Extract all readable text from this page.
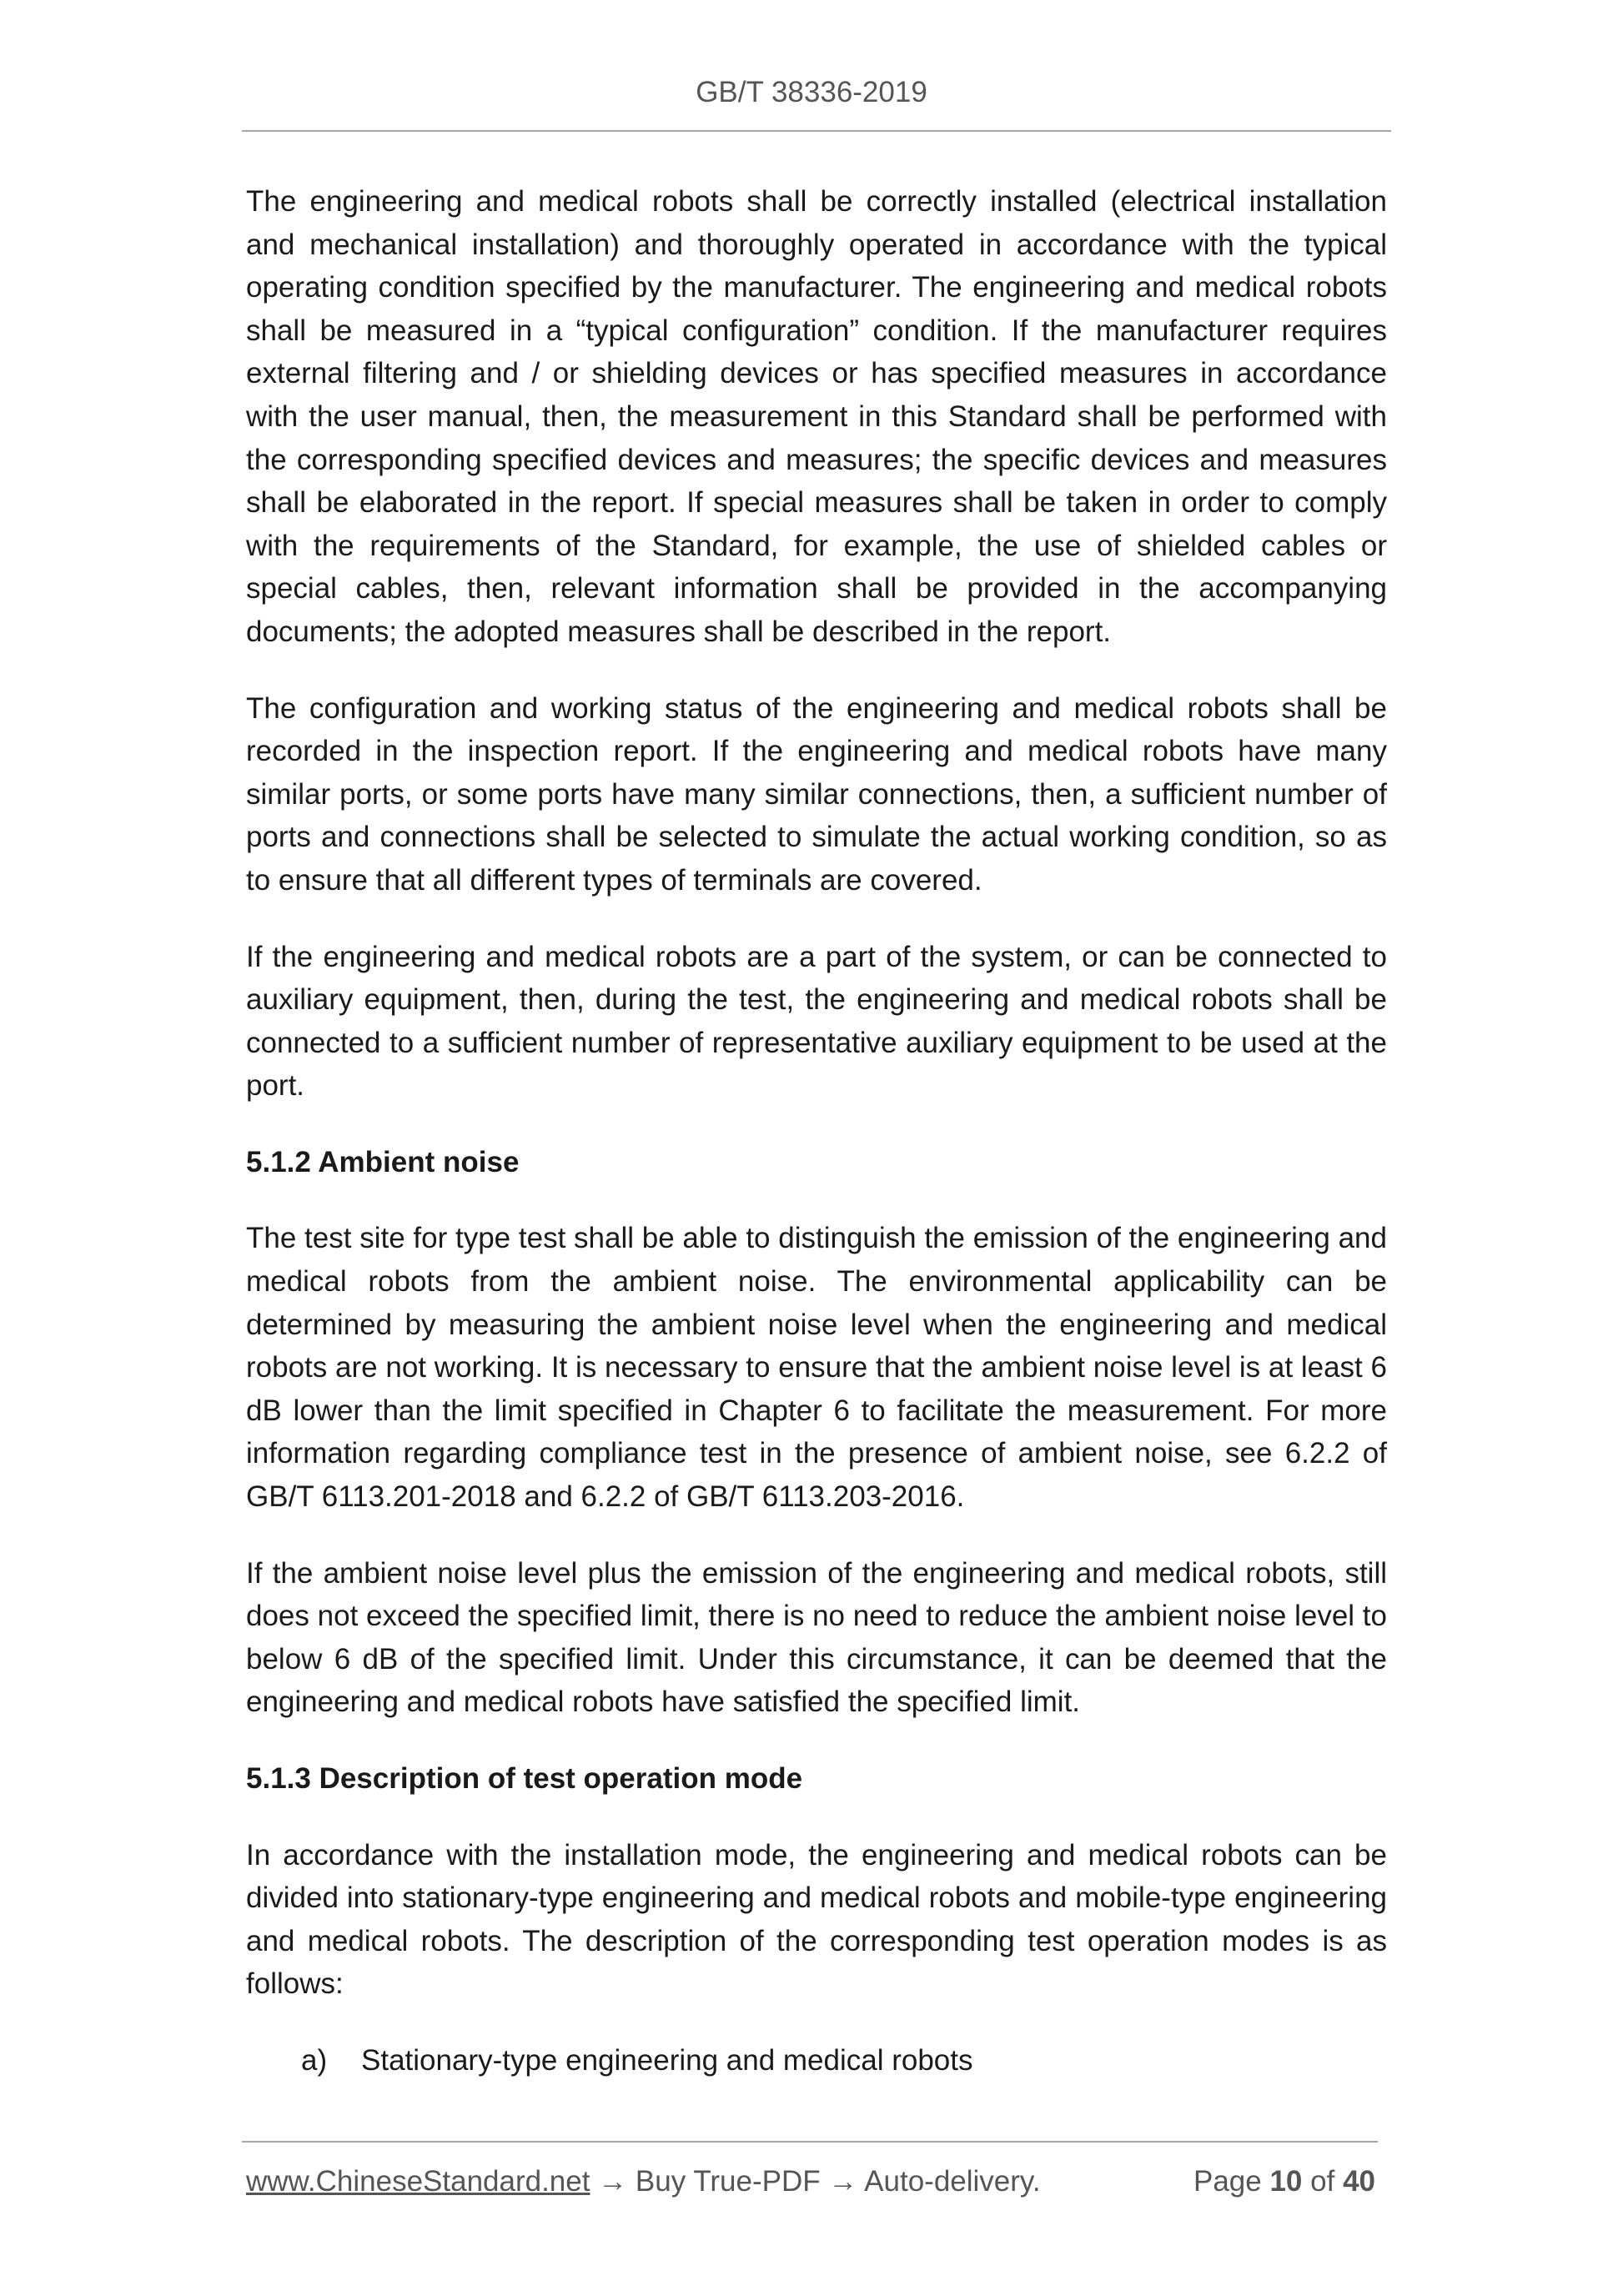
GB/T 38336-2019

The engineering and medical robots shall be correctly installed (electrical installation and mechanical installation) and thoroughly operated in accordance with the typical operating condition specified by the manufacturer. The engineering and medical robots shall be measured in a “typical configuration” condition. If the manufacturer requires external filtering and / or shielding devices or has specified measures in accordance with the user manual, then, the measurement in this Standard shall be performed with the corresponding specified devices and measures; the specific devices and measures shall be elaborated in the report. If special measures shall be taken in order to comply with the requirements of the Standard, for example, the use of shielded cables or special cables, then, relevant information shall be provided in the accompanying documents; the adopted measures shall be described in the report.

The configuration and working status of the engineering and medical robots shall be recorded in the inspection report. If the engineering and medical robots have many similar ports, or some ports have many similar connections, then, a sufficient number of ports and connections shall be selected to simulate the actual working condition, so as to ensure that all different types of terminals are covered.

If the engineering and medical robots are a part of the system, or can be connected to auxiliary equipment, then, during the test, the engineering and medical robots shall be connected to a sufficient number of representative auxiliary equipment to be used at the port.

5.1.2 Ambient noise

The test site for type test shall be able to distinguish the emission of the engineering and medical robots from the ambient noise. The environmental applicability can be determined by measuring the ambient noise level when the engineering and medical robots are not working. It is necessary to ensure that the ambient noise level is at least 6 dB lower than the limit specified in Chapter 6 to facilitate the measurement. For more information regarding compliance test in the presence of ambient noise, see 6.2.2 of GB/T 6113.201-2018 and 6.2.2 of GB/T 6113.203-2016.

If the ambient noise level plus the emission of the engineering and medical robots, still does not exceed the specified limit, there is no need to reduce the ambient noise level to below 6 dB of the specified limit. Under this circumstance, it can be deemed that the engineering and medical robots have satisfied the specified limit.

5.1.3 Description of test operation mode

In accordance with the installation mode, the engineering and medical robots can be divided into stationary-type engineering and medical robots and mobile-type engineering and medical robots. The description of the corresponding test operation modes is as follows:

a) Stationary-type engineering and medical robots
www.ChineseStandard.net → Buy True-PDF → Auto-delivery.	Page 10 of 40
